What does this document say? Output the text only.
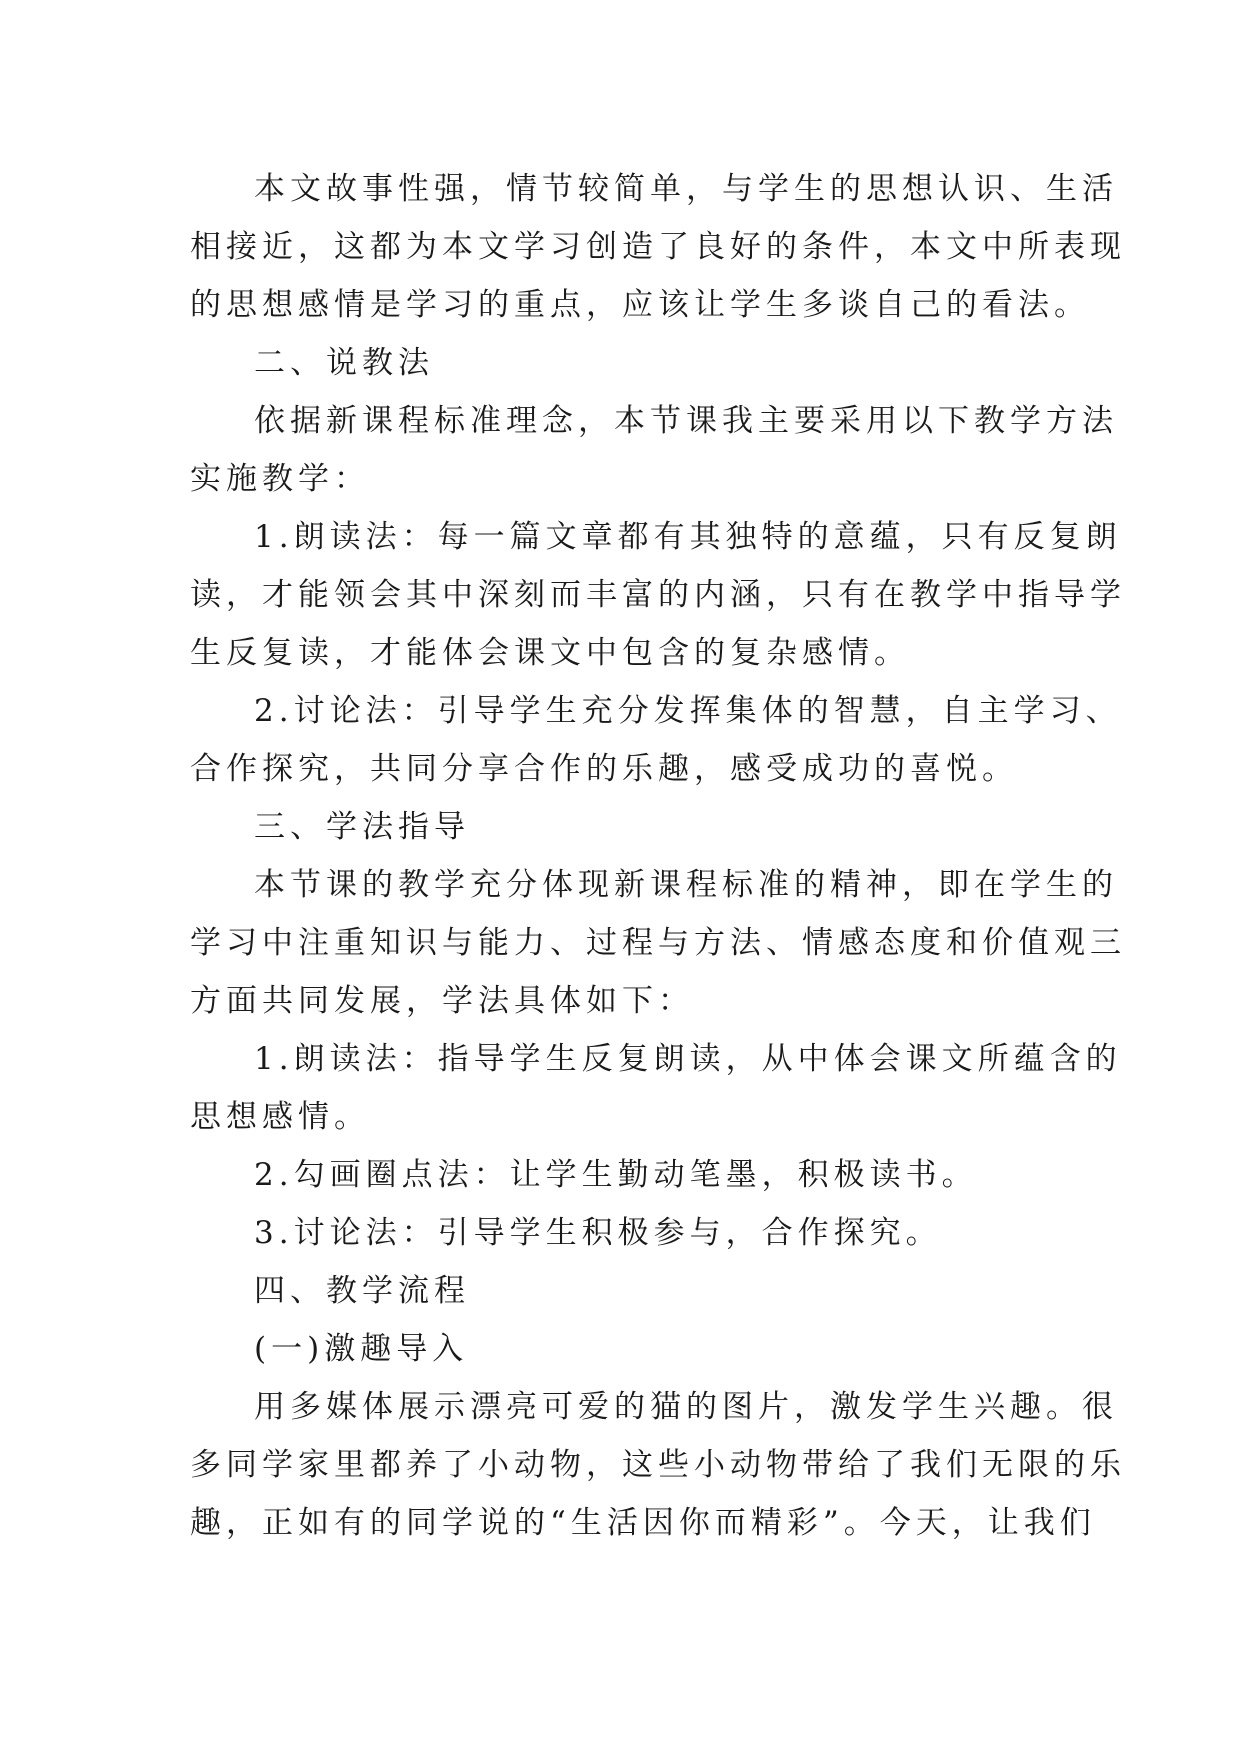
本文故事性强，情节较简单，与学生的思想认识、生活
相接近，这都为本文学习创造了良好的条件，本文中所表现
的思想感情是学习的重点，应该让学生多谈自己的看法。
二、说教法
依据新课程标准理念，本节课我主要采用以下教学方法
实施教学：
1.朗读法：每一篇文章都有其独特的意蕴，只有反复朗
读，才能领会其中深刻而丰富的内涵，只有在教学中指导学
生反复读，才能体会课文中包含的复杂感情。
2.讨论法：引导学生充分发挥集体的智慧，自主学习、
合作探究，共同分享合作的乐趣，感受成功的喜悦。
三、学法指导
本节课的教学充分体现新课程标准的精神，即在学生的
学习中注重知识与能力、过程与方法、情感态度和价值观三
方面共同发展，学法具体如下：
1.朗读法：指导学生反复朗读，从中体会课文所蕴含的
思想感情。
2.勾画圈点法：让学生勤动笔墨，积极读书。
3.讨论法：引导学生积极参与，合作探究。
四、教学流程
(一)激趣导入
用多媒体展示漂亮可爱的猫的图片，激发学生兴趣。很
多同学家里都养了小动物，这些小动物带给了我们无限的乐
趣，正如有的同学说的“生活因你而精彩”。今天，让我们
